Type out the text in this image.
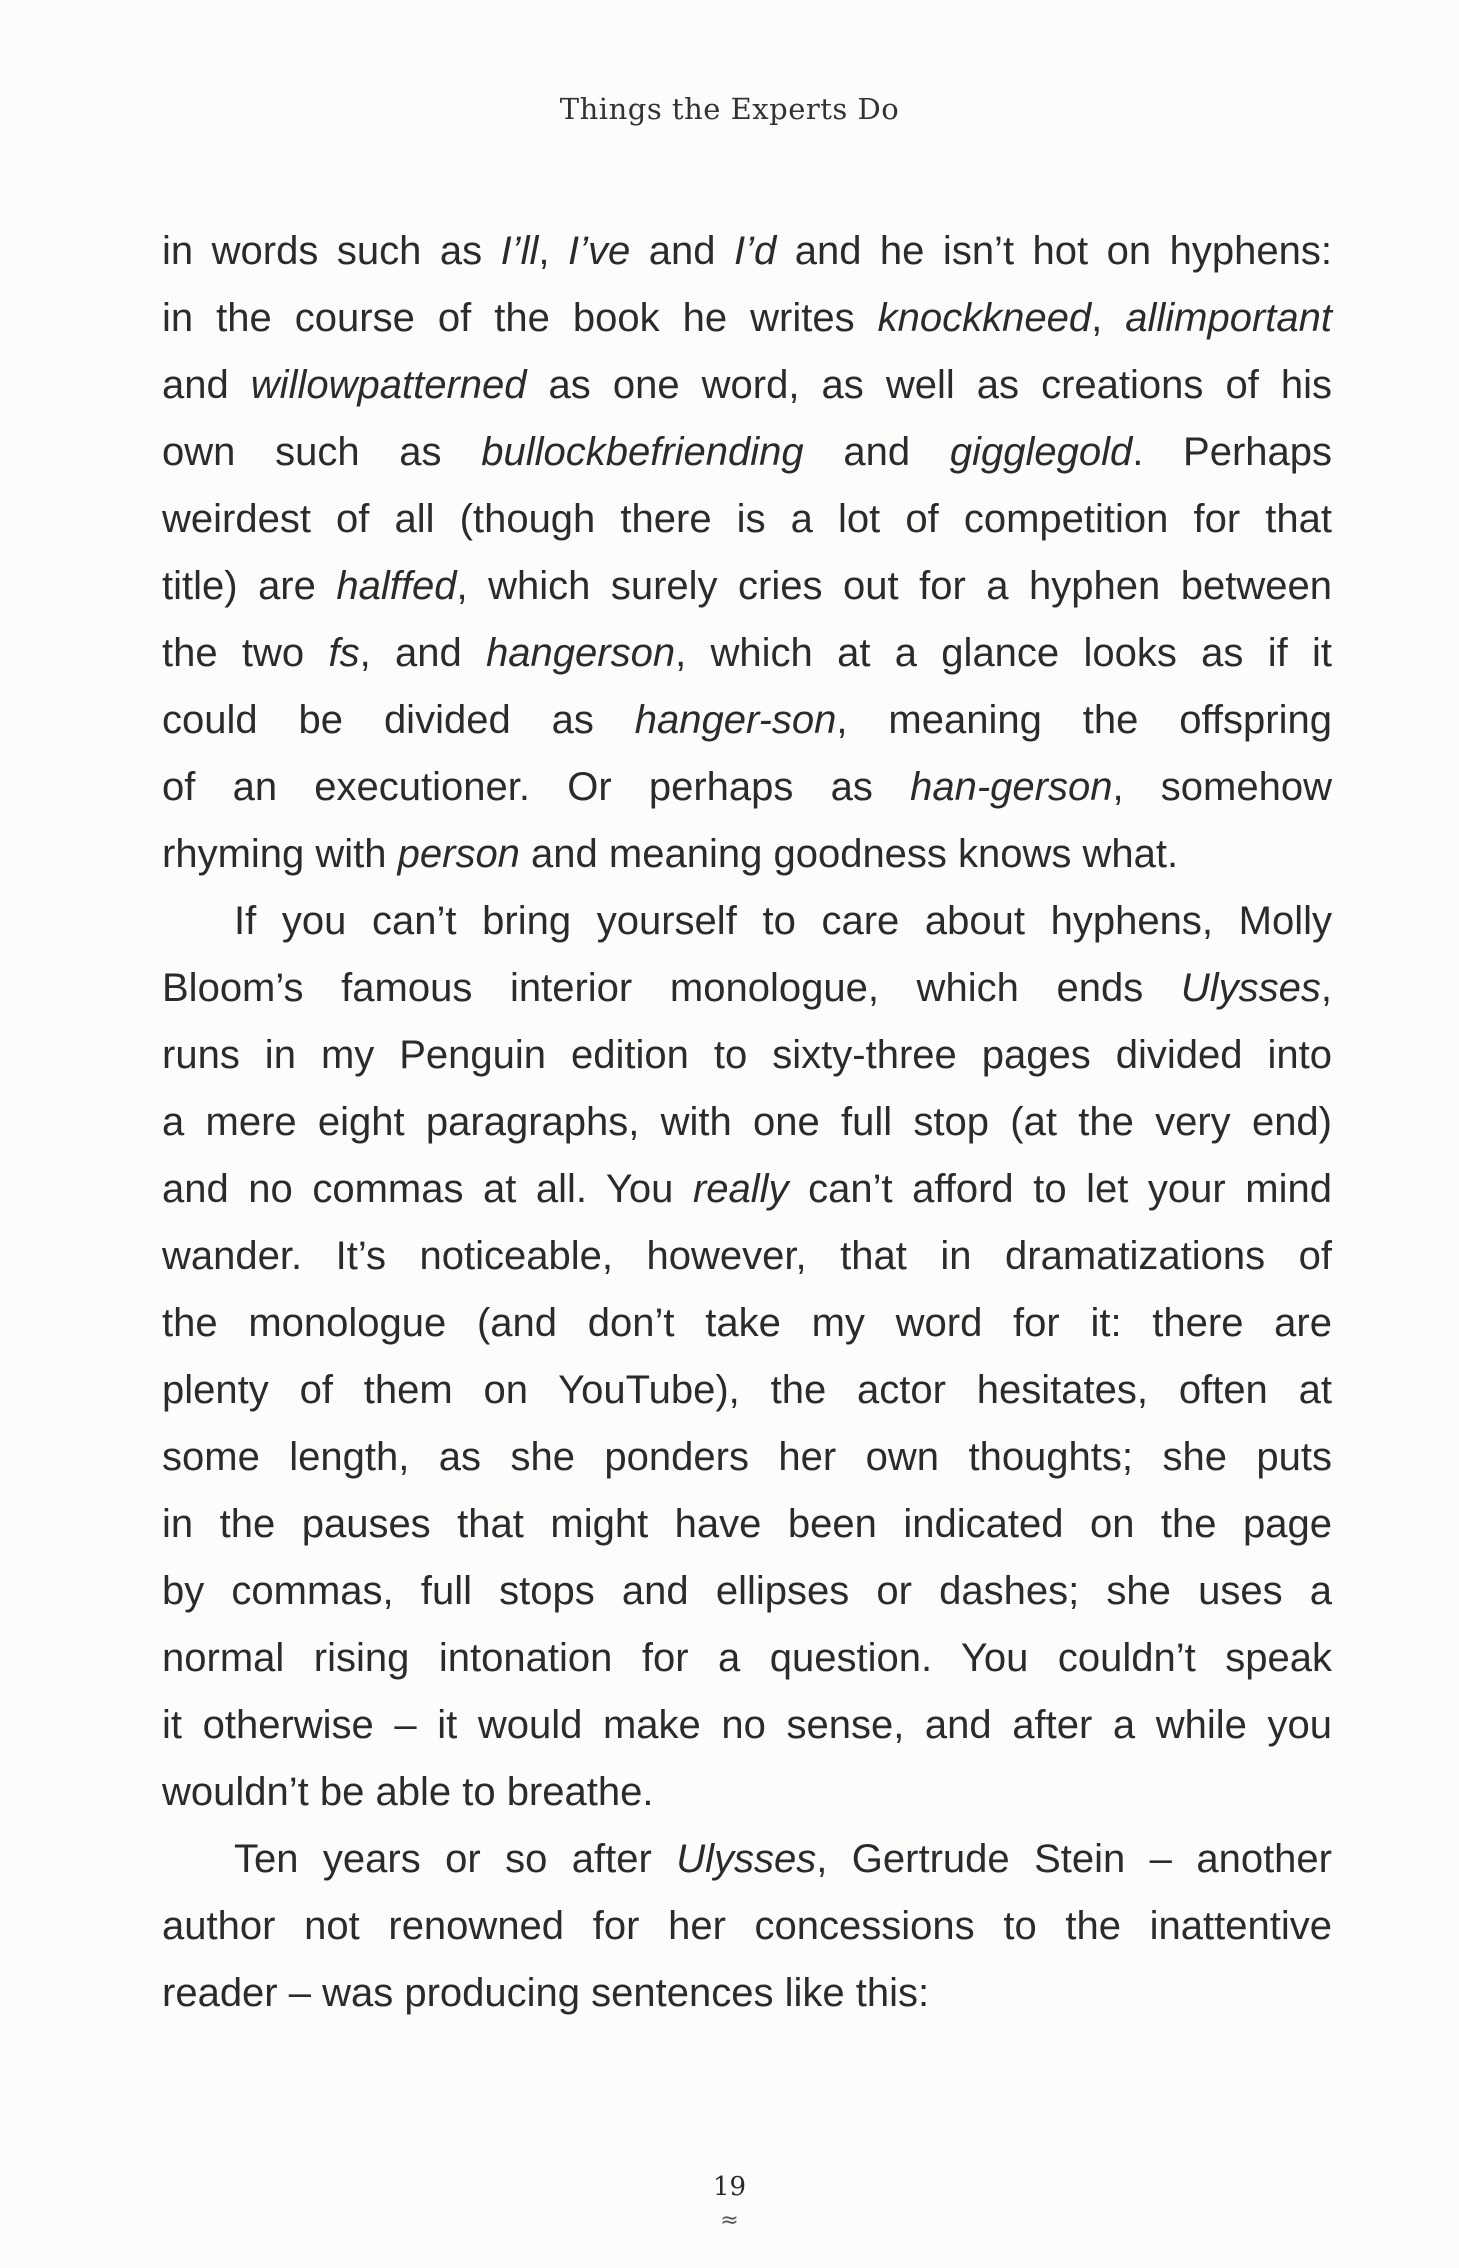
Things the Experts Do
in words such as I’ll, I’ve and I’d and he isn’t hot on hyphens:
in the course of the book he writes knockkneed, allimportant
and willowpatterned as one word, as well as creations of his
own such as bullockbefriending and gigglegold. Perhaps
weirdest of all (though there is a lot of competition for that
title) are halffed, which surely cries out for a hyphen between
the two fs, and hangerson, which at a glance looks as if it
could be divided as hanger-son, meaning the offspring
of an executioner. Or perhaps as han-gerson, somehow
rhyming with person and meaning goodness knows what.
If you can’t bring yourself to care about hyphens, Molly
Bloom’s famous interior monologue, which ends Ulysses,
runs in my Penguin edition to sixty-three pages divided into
a mere eight paragraphs, with one full stop (at the very end)
and no commas at all. You really can’t afford to let your mind
wander. It’s noticeable, however, that in dramatizations of
the monologue (and don’t take my word for it: there are
plenty of them on YouTube), the actor hesitates, often at
some length, as she ponders her own thoughts; she puts
in the pauses that might have been indicated on the page
by commas, full stops and ellipses or dashes; she uses a
normal rising intonation for a question. You couldn’t speak
it otherwise – it would make no sense, and after a while you
wouldn’t be able to breathe.
Ten years or so after Ulysses, Gertrude Stein – another
author not renowned for her concessions to the inattentive
reader – was producing sentences like this:
19
≈
